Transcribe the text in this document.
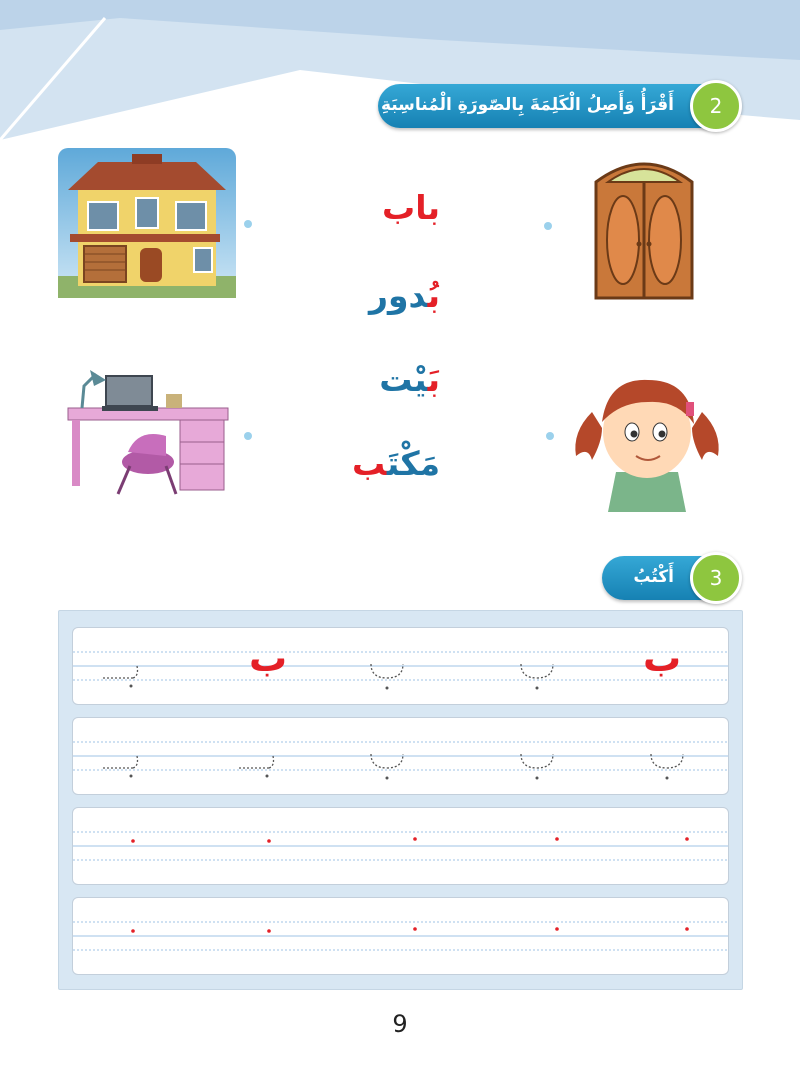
أَقْرَأُ وَأَصِلُ الْكَلِمَةَ بِالصّورَةِ الْمُناسِبَةِ	2
باب
بُدور
بَيْت
مَكْتَب
أَكْتُبُ	3
ب
ب
9
